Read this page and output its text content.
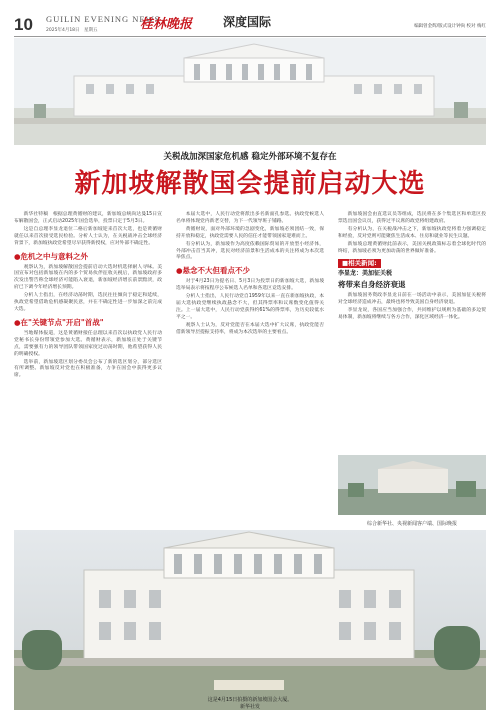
10 GUILIN EVENING NEWS
2025年4月18日　星期五	桂林晚报	深度国际	编辑曾金辉/版式设计钟尚 校对 梅红
关税战加深国家危机感 稳定外部环境不复存在
新加坡解散国会提前启动大选

新华社特稿　根据总理黄循财的建议，新加坡总统尚达曼15日宣布解散国会，正式启动2025年国会选举，投票日定于5月3日。

这是自总理李显龙退位二格后新加坡迎来首次大选，也是黄循财就任以来首次接受选民检验。分析人士认为，在关税战冲击全球经济背景下，新加坡执政党希望尽早获得新授权，应对外部不确定性。

●危机之中与意料之外

观察认为，新加坡解散国会提前启动大选时机选择耐人寻味。美国宣布对包括新加坡在内的多个贸易伙伴征收关税后，新加坡政府多次发出警告称全球经济可能陷入衰退，新加坡经济增长前景黯淡，政府已下调今年经济增长预期。

分析人士指出，在经济动荡时期，选民往往倾向于稳定和延续，执政党希望借助危机感凝聚民意，并在不确定性进一步加深之前完成大选。

●在"关键节点"开启"首战"

当地媒体报道，这是黄循财接任总理以来首次以执政党人民行动党秘书长身份带领党参加大选。黄循财表示，新加坡正处于关键节点，需要强有力的领导团队带领国家度过动荡时期，他希望获得人民的明确授权。

选举前，新加坡选区划分委员会公布了新的选区划分，部分选区有所调整。新加坡反对党也在积极准备，力争在国会中获得更多议席。

本届大选中，人民行动党将派出多名新面孔参选。执政党候选人名单将体现党内新老交替，为下一代领导班子铺路。

黄循财说，面对外部环境的急剧变化，新加坡必须团结一致，保持开放和稳定，执政党需要人民的信任才能带领国家迎难而上。

有分析认为，新加坡作为高度依赖国际贸易的开放型小经济体，外部冲击首当其冲，选民对经济前景和生活成本的关注将成为本次选举焦点。

●悬念不大但看点不少

对于4月23日为提名日、5月3日为投票日的新加坡大选，新加坡选举局表示将按程序公布候选人名单和各选区竞选安排。

分析人士指出，人民行动党自1959年以来一直在新加坡执政，本届大选执政党继续执政悬念不大，但其得票率和议席数变化值得关注。上一届大选中，人民行动党获得约61%的得票率，为历史较低水平之一。

观察人士认为，反对党能否在本届大选中扩大议席，执政党能否借新领导层提振支持率，将成为本次选举的主要看点。

新加坡国会由直选议员等组成，选民将在多个集选区和单选区投票选出国会议员，获得过半议席的政党将组建政府。

有分析认为，在关税战冲击之下，新加坡执政党将着力强调稳定和经验，反对党则可能聚焦生活成本、住房和就业等民生议题。

新加坡总理黄循财此前表示，美国关税政策标志着全球化时代的终结，新加坡必须为更加动荡的世界做好准备。

■相关新闻:
李显龙：美加征关税
将带来自身经济衰退

新加坡国务资政李显龙日前在一场活动中表示，美国加征关税将对全球经济造成冲击，最终也将导致美国自身经济衰退。

李显龙说，各国应当加强合作，共同维护以规则为基础的多边贸易体制，新加坡将继续与各方合作，深化区域经济一体化。

综合新华社、央视新闻客户端、国际晚报
这是4月15日拍摄的新加坡国会大厦。
新华社发
